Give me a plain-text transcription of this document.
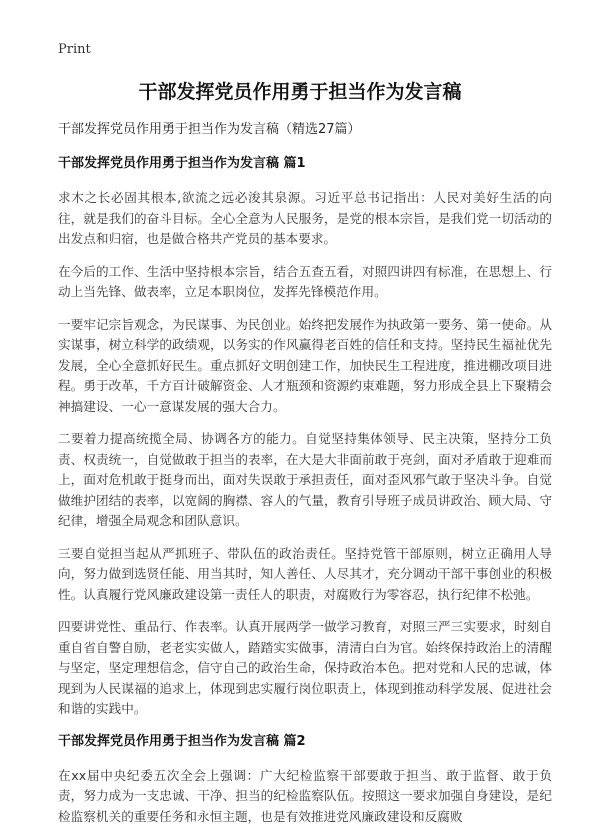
Print
干部发挥党员作用勇于担当作为发言稿

干部发挥党员作用勇于担当作为发言稿（精选27篇）

干部发挥党员作用勇于担当作为发言稿 篇1

求木之长必固其根本,欲流之远必浚其泉源。习近平总书记指出：人民对美好生活的向往，就是我们的奋斗目标。全心全意为人民服务，是党的根本宗旨，是我们党一切活动的出发点和归宿，也是做合格共产党员的基本要求。

在今后的工作、生活中坚持根本宗旨，结合五查五看，对照四讲四有标准，在思想上、行动上当先锋、做表率，立足本职岗位，发挥先锋模范作用。

一要牢记宗旨观念，为民谋事、为民创业。始终把发展作为执政第一要务、第一使命。从实谋事，树立科学的政绩观，以务实的作风赢得老百姓的信任和支持。坚持民生福祉优先发展，全心全意抓好民生。重点抓好文明创建工作，加快民生工程进度，推进棚改项目进程。勇于改革，千方百计破解资金、人才瓶颈和资源约束难题，努力形成全县上下聚精会神搞建设、一心一意谋发展的强大合力。

二要着力提高统揽全局、协调各方的能力。自觉坚持集体领导、民主决策，坚持分工负责、权责统一，自觉做敢于担当的表率，在大是大非面前敢于亮剑，面对矛盾敢于迎难而上，面对危机敢于挺身而出，面对失误敢于承担责任，面对歪风邪气敢于坚决斗争。自觉做维护团结的表率，以宽阔的胸襟、容人的气量，教育引导班子成员讲政治、顾大局、守纪律，增强全局观念和团队意识。

三要自觉担当起从严抓班子、带队伍的政治责任。坚持党管干部原则，树立正确用人导向，努力做到选贤任能、用当其时，知人善任、人尽其才，充分调动干部干事创业的积极性。认真履行党风廉政建设第一责任人的职责，对腐败行为零容忍，执行纪律不松弛。

四要讲党性、重品行、作表率。认真开展两学一做学习教育，对照三严三实要求，时刻自重自省自警自励，老老实实做人，踏踏实实做事，清清白白为官。始终保持政治上的清醒与坚定，坚定理想信念，信守自己的政治生命，保持政治本色。把对党和人民的忠诚，体现到为人民谋福的追求上，体现到忠实履行岗位职责上，体现到推动科学发展、促进社会和谐的实践中。

干部发挥党员作用勇于担当作为发言稿 篇2

在xx届中央纪委五次全会上强调：广大纪检监察干部要敢于担当、敢于监督、敢于负责，努力成为一支忠诚、干净、担当的纪检监察队伍。按照这一要求加强自身建设，是纪检监察机关的重要任务和永恒主题，也是有效推进党风廉政建设和反腐败
